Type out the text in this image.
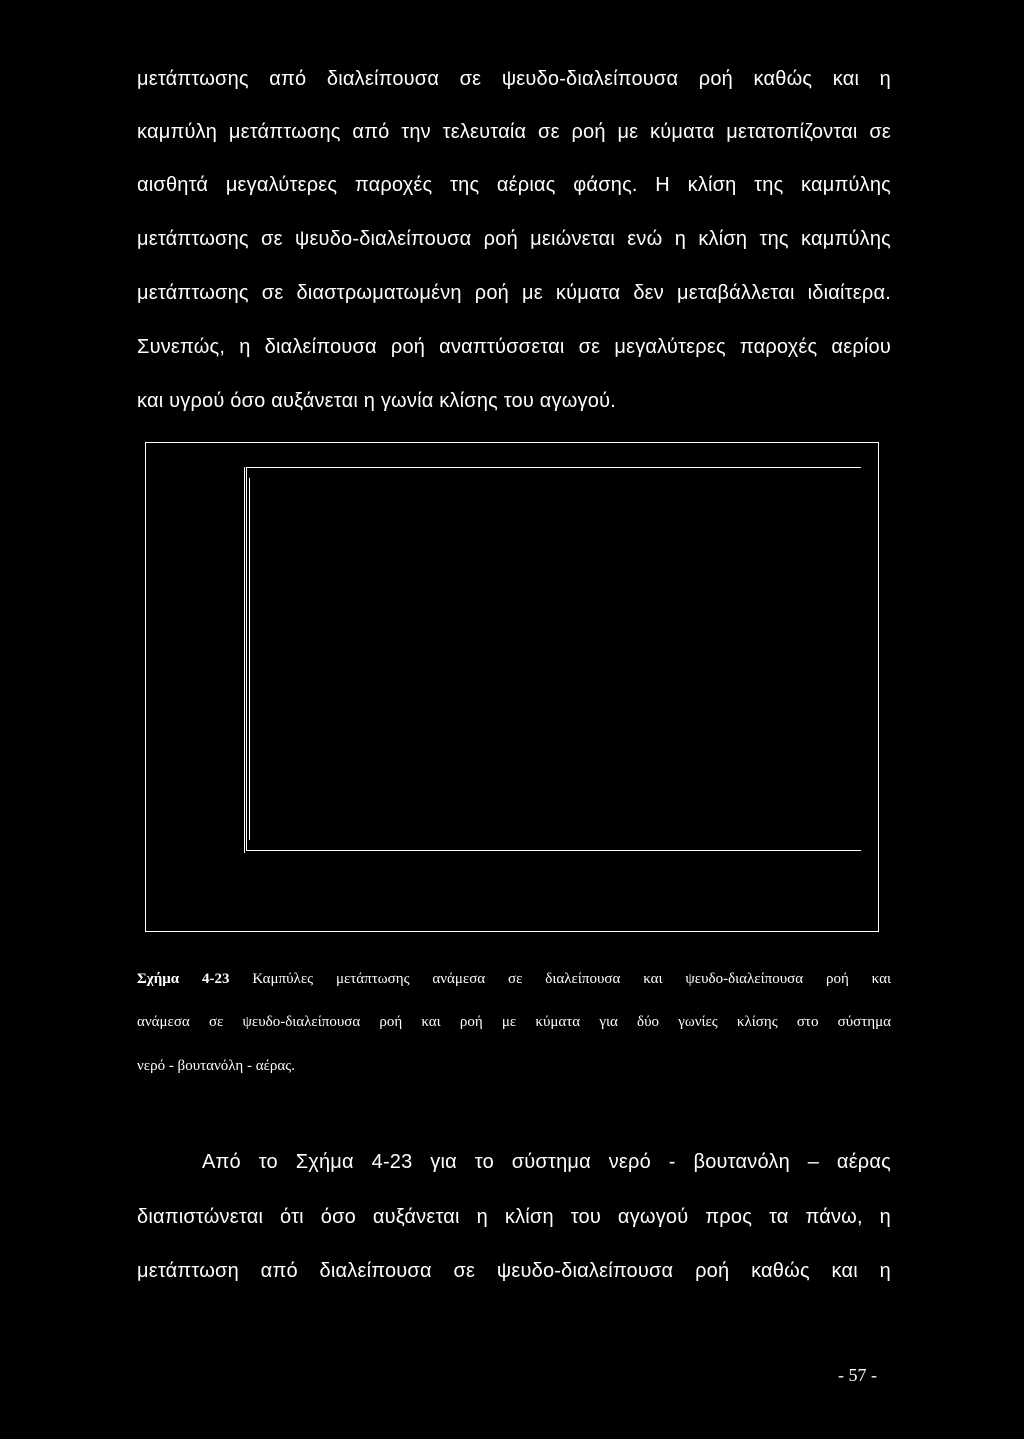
μετάπτωσης από διαλείπουσα σε ψευδο-διαλείπουσα ροή καθώς και η
καμπύλη μετάπτωσης από την τελευταία σε ροή με κύματα μετατοπίζονται σε
αισθητά μεγαλύτερες παροχές της αέριας φάσης. Η κλίση της καμπύλης
μετάπτωσης σε ψευδο-διαλείπουσα ροή μειώνεται ενώ η κλίση της καμπύλης
μετάπτωσης σε διαστρωματωμένη ροή με κύματα δεν μεταβάλλεται ιδιαίτερα.
Συνεπώς, η διαλείπουσα ροή αναπτύσσεται σε μεγαλύτερες παροχές αερίου
και υγρού όσο αυξάνεται η γωνία κλίσης του αγωγού.
Σχήμα 4-23 Καμπύλες μετάπτωσης ανάμεσα σε διαλείπουσα και ψευδο-διαλείπουσα ροή και
ανάμεσα σε ψευδο-διαλείπουσα ροή και ροή με κύματα για δύο γωνίες κλίσης στο σύστημα
νερό - βουτανόλη - αέρας.
Από το Σχήμα 4-23 για το σύστημα νερό - βουτανόλη – αέρας
διαπιστώνεται ότι όσο αυξάνεται η κλίση του αγωγού προς τα πάνω, η
μετάπτωση από διαλείπουσα σε ψευδο-διαλείπουσα ροή καθώς και η
- 57 -
